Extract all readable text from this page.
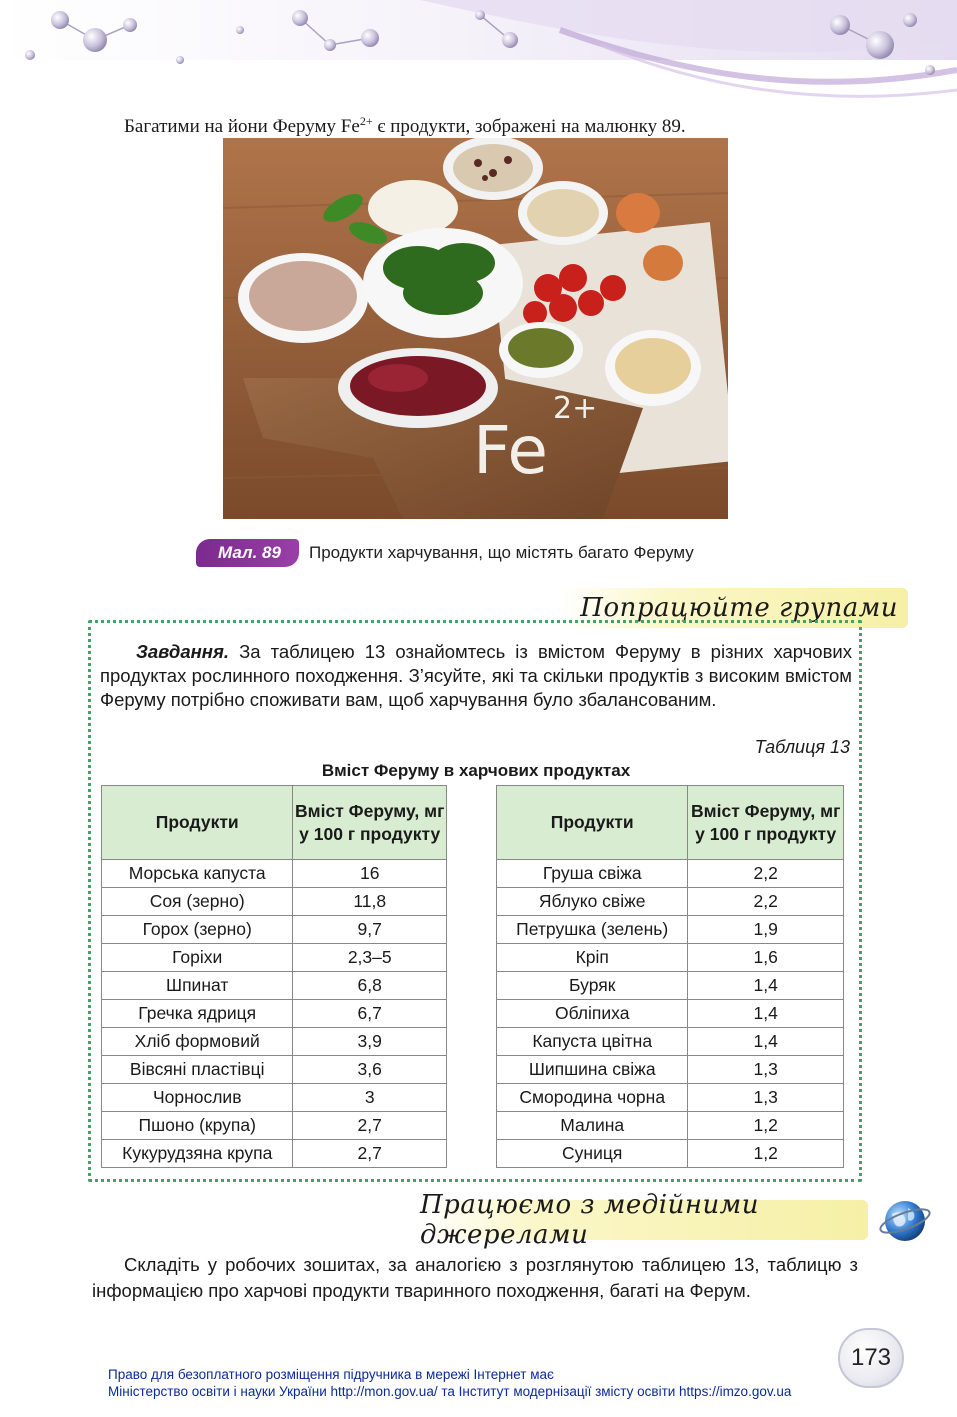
Багатими на йони Феруму $Fe^{2+}$ є продукти, зображені на малюнку 89.

Fe
2+
Мал. 89	Продукти харчування, що містять багато Феруму
Попрацюйте групами

Завдання. За таблицею 13 ознайомтесь із вмістом Феруму в різних харчових продуктах рослинного походження. З’ясуйте, які та скільки продуктів з високим вмістом Феруму потрібно споживати вам, щоб харчування було збалансованим.

Таблиця 13
Вміст Феруму в харчових продуктах
Продукти	Вміст Феруму, мг у 100 г продукту
Морська капуста	16
Соя (зерно)	11,8
Горох (зерно)	9,7
Горіхи	2,3–5
Шпинат	6,8
Гречка ядриця	6,7
Хліб формовий	3,9
Вівсяні пластівці	3,6
Чорнослив	3
Пшоно (крупа)	2,7
Кукурудзяна крупа	2,7
Продукти	Вміст Феруму, мг у 100 г продукту
Груша свіжа	2,2
Яблуко свіже	2,2
Петрушка (зелень)	1,9
Кріп	1,6
Буряк	1,4
Обліпиха	1,4
Капуста цвітна	1,4
Шипшина свіжа	1,3
Смородина чорна	1,3
Малина	1,2
Суниця	1,2
Працюємо з медійними джерелами

Складіть у робочих зошитах, за аналогією з розглянутою таблицею 13, таблицю з інформацією про харчові продукти тваринного походження, багаті на Ферум.

173
Право для безоплатного розміщення підручника в мережі Інтернет має
Міністерство освіти і науки України http://mon.gov.ua/ та Інститут модернізації змісту освіти https://imzo.gov.ua
